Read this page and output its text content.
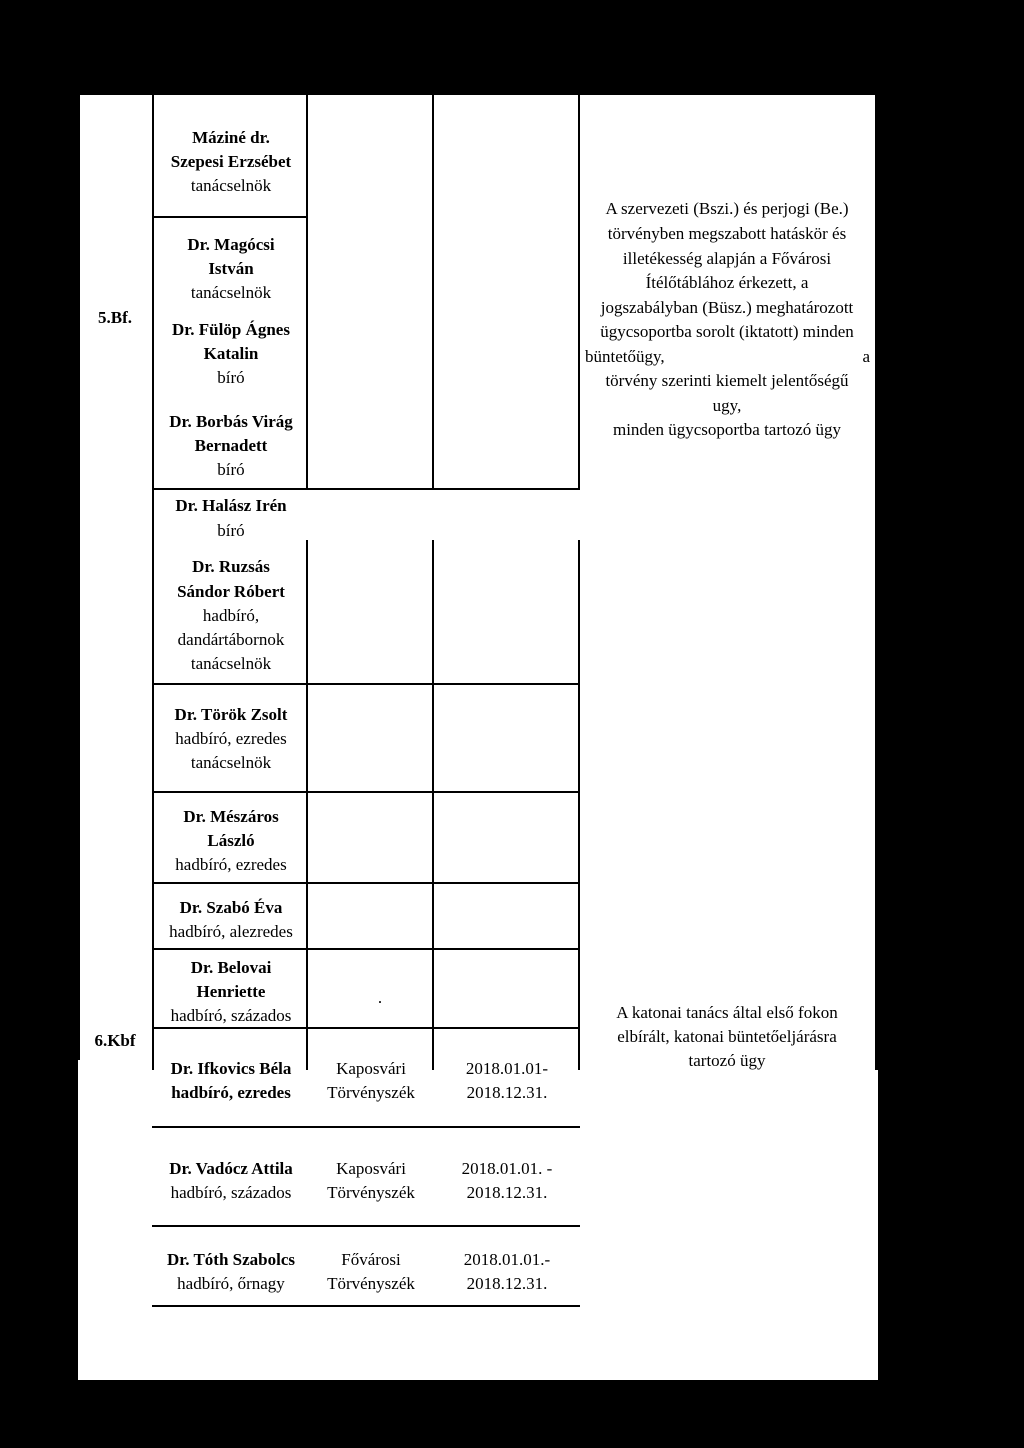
5.Bf.
Máziné dr.
Szepesi Erzsébet
tanácselnök
Dr. Magócsi
István
tanácselnök
Dr. Fülöp Ágnes
Katalin
bíró
Dr. Borbás Virág
Bernadett
bíró
Dr. Halász Irén
bíró
A szervezeti (Bszi.) és perjogi (Be.)
törvényben megszabott hatáskör és
illetékesség alapján a Fővárosi
Ítélőtáblához érkezett, a
jogszabályban (Büsz.) meghatározott
ügycsoportba sorolt (iktatott) minden
büntetőügy, a
törvény szerinti kiemelt jelentőségű
ugy,
minden ügycsoportba tartozó ügy
6.Kbf
Dr. Ruzsás
Sándor Róbert
hadbíró,
dandártábornok
tanácselnök
Dr. Török Zsolt
hadbíró, ezredes
tanácselnök
Dr. Mészáros
László
hadbíró, ezredes
Dr. Szabó Éva
hadbíró, alezredes
Dr. Belovai
Henriette
hadbíró, százados
.
Dr. Ifkovics Béla
hadbíró, ezredes
Kaposvári
Törvényszék
2018.01.01-
2018.12.31.
Dr. Vadócz Attila
hadbíró, százados
Kaposvári
Törvényszék
2018.01.01. -
2018.12.31.
Dr. Tóth Szabolcs
hadbíró, őrnagy
Fővárosi
Törvényszék
2018.01.01.-
2018.12.31.
A katonai tanács által első fokon
elbírált, katonai büntetőeljárásra
tartozó ügy
